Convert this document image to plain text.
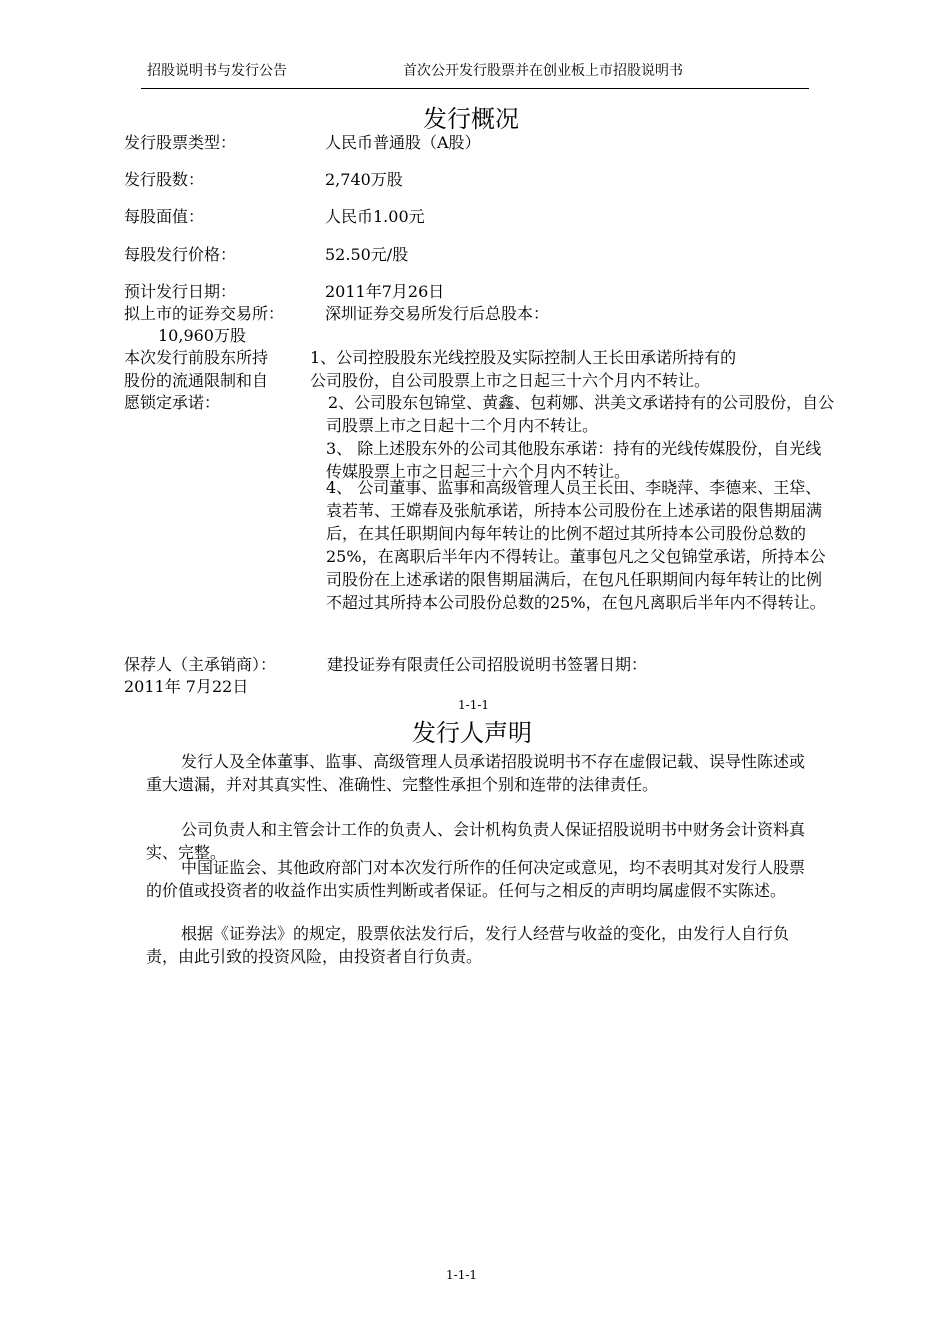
招股说明书与发行公告	首次公开发行股票并在创业板上市招股说明书
发行概况
发行股票类型：	人民币普通股（A股）
发行股数：	2,740万股
每股面值：	人民币1.00元
每股发行价格：	52.50元/股
预计发行日期：	2011年7月26日
拟上市的证券交易所：	深圳证券交易所发行后总股本：
10,960万股
本次发行前股东所持
股份的流通限制和自
愿锁定承诺：
1、公司控股股东光线控股及实际控制人王长田承诺所持有的
公司股份，自公司股票上市之日起三十六个月内不转让。
2、公司股东包锦堂、黄鑫、包莉娜、洪美文承诺持有的公司股份，自公司股票上市之日起十二个月内不转让。
3、 除上述股东外的公司其他股东承诺：持有的光线传媒股份，自光线传媒股票上市之日起三十六个月内不转让。
4、 公司董事、监事和高级管理人员王长田、李晓萍、李德来、王牮、袁若苇、王嫦春及张航承诺，所持本公司股份在上述承诺的限售期届满后，在其任职期间内每年转让的比例不超过其所持本公司股份总数的25%，在离职后半年内不得转让。董事包凡之父包锦堂承诺，所持本公司股份在上述承诺的限售期届满后，在包凡任职期间内每年转让的比例不超过其所持本公司股份总数的25%，在包凡离职后半年内不得转让。
保荐人（主承销商）：	建投证券有限责任公司招股说明书签署日期：
2011年 7月22日
1-1-1
发行人声明
发行人及全体董事、监事、高级管理人员承诺招股说明书不存在虚假记载、误导性陈述或重大遗漏，并对其真实性、准确性、完整性承担个别和连带的法律责任。
公司负责人和主管会计工作的负责人、会计机构负责人保证招股说明书中财务会计资料真实、完整。
中国证监会、其他政府部门对本次发行所作的任何决定或意见，均不表明其对发行人股票的价值或投资者的收益作出实质性判断或者保证。任何与之相反的声明均属虚假不实陈述。
根据《证券法》的规定，股票依法发行后，发行人经营与收益的变化，由发行人自行负责，由此引致的投资风险，由投资者自行负责。
1-1-1
